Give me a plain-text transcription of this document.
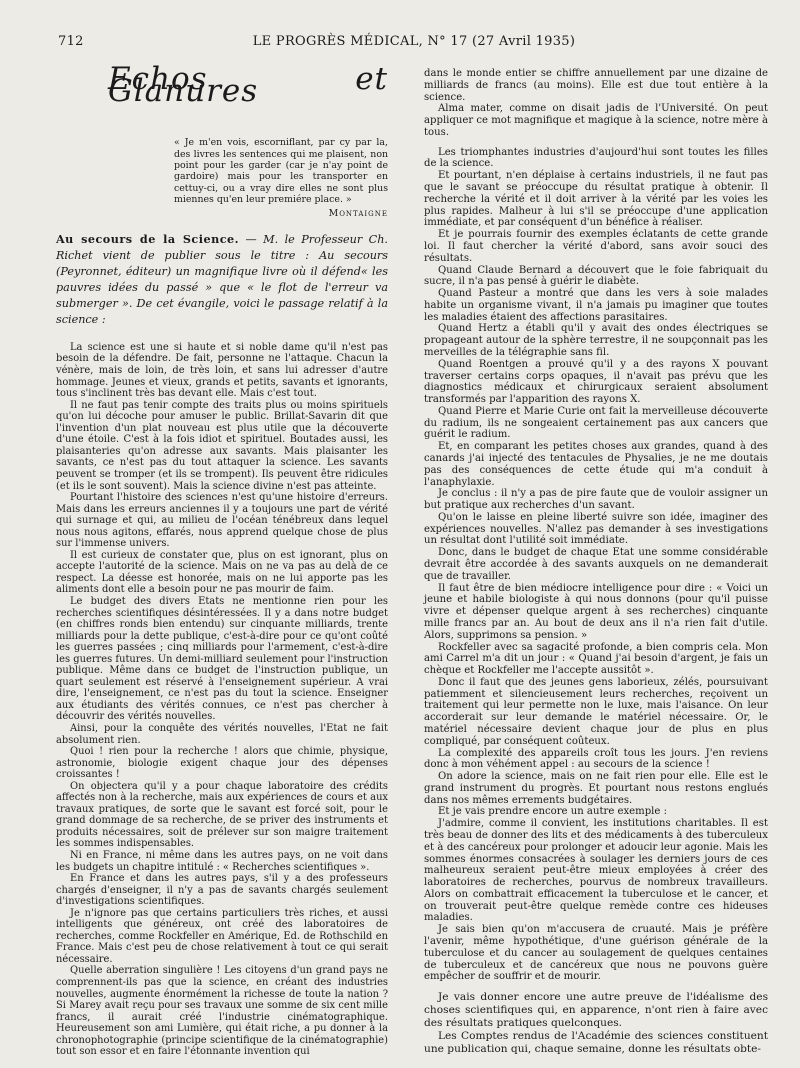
712	LE PROGRÈS MÉDICAL, N° 17 (27 Avril 1935)
Echos et Glanures
« Je m'en vois, escorniflant, par cy par la, des livres les sentences qui me plaisent, non point pour les garder (car je n'ay point de gardoire) mais pour les transporter en cettuy-ci, ou a vray dire elles ne sont plus miennes qu'en leur premiére place. »
Montaigne
Au secours de la Science. — M. le Professeur Ch. Richet vient de publier sous le titre : Au secours (Peyronnet, éditeur) un magnifique livre où il défend« les pauvres idées du passé » que « le flot de l'erreur va submerger ». De cet évangile, voici le passage relatif à la science :

La science est une si haute et si noble dame qu'il n'est pas besoin de la défendre. De fait, personne ne l'attaque. Chacun la vénère, mais de loin, de très loin, et sans lui adresser d'autre hommage. Jeunes et vieux, grands et petits, savants et ignorants, tous s'inclinent très bas devant elle. Mais c'est tout.

Il ne faut pas tenir compte des traits plus ou moins spirituels qu'on lui décoche pour amuser le public. Brillat-Savarin dit que l'invention d'un plat nouveau est plus utile que la découverte d'une étoile. C'est à la fois idiot et spirituel. Boutades aussi, les plaisanteries qu'on adresse aux savants. Mais plaisanter les savants, ce n'est pas du tout attaquer la science. Les savants peuvent se tromper (et ils se trompent). Ils peuvent être ridicules (et ils le sont souvent). Mais la science divine n'est pas atteinte.

Pourtant l'histoire des sciences n'est qu'une histoire d'erreurs. Mais dans les erreurs anciennes il y a toujours une part de vérité qui surnage et qui, au milieu de l'océan ténébreux dans lequel nous nous agitons, effarés, nous apprend quelque chose de plus sur l'immense univers.

Il est curieux de constater que, plus on est ignorant, plus on accepte l'autorité de la science. Mais on ne va pas au delà de ce respect. La déesse est honorée, mais on ne lui apporte pas les aliments dont elle a besoin pour ne pas mourir de faim.

Le budget des divers Etats ne mentionne rien pour les recherches scientifiques désintéressées. Il y a dans notre budget (en chiffres ronds bien entendu) sur cinquante milliards, trente milliards pour la dette publique, c'est-à-dire pour ce qu'ont coûté les guerres passées ; cinq milliards pour l'armement, c'est-à-dire les guerres futures. Un demi-milliard seulement pour l'instruction publique. Même dans ce budget de l'instruction publique, un quart seulement est réservé à l'enseignement supérieur. A vrai dire, l'enseignement, ce n'est pas du tout la science. Enseigner aux étudiants des vérités connues, ce n'est pas chercher à découvrir des vérités nouvelles.

Ainsi, pour la conquête des vérités nouvelles, l'Etat ne fait absolument rien.

Quoi ! rien pour la recherche ! alors que chimie, physique, astronomie, biologie exigent chaque jour des dépenses croissantes !

On objectera qu'il y a pour chaque laboratoire des crédits affectés non à la recherche, mais aux expériences de cours et aux travaux pratiques, de sorte que le savant est forcé soit, pour le grand dommage de sa recherche, de se priver des instruments et produits nécessaires, soit de prélever sur son maigre traitement les sommes indispensables.

Ni en France, ni même dans les autres pays, on ne voit dans les budgets un chapitre intitulé : « Recherches scientifiques ».

En France et dans les autres pays, s'il y a des professeurs chargés d'enseigner, il n'y a pas de savants chargés seulement d'investigations scientifiques.

Je n'ignore pas que certains particuliers très riches, et aussi intelligents que généreux, ont créé des laboratoires de recherches, comme Rockfeller en Amérique, Ed. de Rothschild en France. Mais c'est peu de chose relativement à tout ce qui serait nécessaire.

Quelle aberration singulière ! Les citoyens d'un grand pays ne comprennent-ils pas que la science, en créant des industries nouvelles, augmente énormément la richesse de toute la nation ? Si Marey avait reçu pour ses travaux une somme de six cent mille francs, il aurait créé l'industrie cinématographique. Heureusement son ami Lumière, qui était riche, a pu donner à la chronophotographie (principe scientifique de la cinématographie) tout son essor et en faire l'étonnante invention qui

dans le monde entier se chiffre annuellement par une dizaine de milliards de francs (au moins). Elle est due tout entière à la science.

Alma mater, comme on disait jadis de l'Université. On peut appliquer ce mot magnifique et magique à la science, notre mère à tous.

Les triomphantes industries d'aujourd'hui sont toutes les filles de la science.

Et pourtant, n'en déplaise à certains industriels, il ne faut pas que le savant se préoccupe du résultat pratique à obtenir. Il recherche la vérité et il doit arriver à la vérité par les voies les plus rapides. Malheur à lui s'il se préoccupe d'une application immédiate, et par conséquent d'un bénéfice à réaliser.

Et je pourrais fournir des exemples éclatants de cette grande loi. Il faut chercher la vérité d'abord, sans avoir souci des résultats.

Quand Claude Bernard a découvert que le foie fabriquait du sucre, il n'a pas pensé à guérir le diabète.

Quand Pasteur a montré que dans les vers à soie malades habite un organisme vivant, il n'a jamais pu imaginer que toutes les maladies étaient des affections parasitaires.

Quand Hertz a établi qu'il y avait des ondes électriques se propageant autour de la sphère terrestre, il ne soupçonnait pas les merveilles de la télégraphie sans fil.

Quand Roentgen a prouvé qu'il y a des rayons X pouvant traverser certains corps opaques, il n'avait pas prévu que les diagnostics médicaux et chirurgicaux seraient absolument transformés par l'apparition des rayons X.

Quand Pierre et Marie Curie ont fait la merveilleuse découverte du radium, ils ne songeaient certainement pas aux cancers que guérit le radium.

Et, en comparant les petites choses aux grandes, quand à des canards j'ai injecté des tentacules de Physalies, je ne me doutais pas des conséquences de cette étude qui m'a conduit à l'anaphylaxie.

Je conclus : il n'y a pas de pire faute que de vouloir assigner un but pratique aux recherches d'un savant.

Qu'on le laisse en pleine liberté suivre son idée, imaginer des expériences nouvelles. N'allez pas demander à ses investigations un résultat dont l'utilité soit immédiate.

Donc, dans le budget de chaque Etat une somme considérable devrait être accordée à des savants auxquels on ne demanderait que de travailler.

Il faut être de bien médiocre intelligence pour dire : « Voici un jeune et habile biologiste à qui nous donnons (pour qu'il puisse vivre et dépenser quelque argent à ses recherches) cinquante mille francs par an. Au bout de deux ans il n'a rien fait d'utile. Alors, supprimons sa pension. »

Rockfeller avec sa sagacité profonde, a bien compris cela. Mon ami Carrel m'a dit un jour : « Quand j'ai besoin d'argent, je fais un chèque et Rockfeller me l'accepte aussitôt ».

Donc il faut que des jeunes gens laborieux, zélés, poursuivant patiemment et silencieusement leurs recherches, reçoivent un traitement qui leur permette non le luxe, mais l'aisance. On leur accorderait sur leur demande le matériel nécessaire. Or, le matériel nécessaire devient chaque jour de plus en plus compliqué, par conséquent coûteux.

La complexité des appareils croît tous les jours. J'en reviens donc à mon véhément appel : au secours de la science !

On adore la science, mais on ne fait rien pour elle. Elle est le grand instrument du progrès. Et pourtant nous restons englués dans nos mêmes errements budgétaires.

Et je vais prendre encore un autre exemple :

J'admire, comme il convient, les institutions charitables. Il est très beau de donner des lits et des médicaments à des tuberculeux et à des cancéreux pour prolonger et adoucir leur agonie. Mais les sommes énormes consacrées à soulager les derniers jours de ces malheureux seraient peut-être mieux employées à créer des laboratoires de recherches, pourvus de nombreux travailleurs. Alors on combattrait efficacement la tuberculose et le cancer, et on trouverait peut-être quelque remède contre ces hideuses maladies.

Je sais bien qu'on m'accusera de cruauté. Mais je préfère l'avenir, même hypothétique, d'une guérison générale de la tuberculose et du cancer au soulagement de quelques centaines de tuberculeux et de cancéreux que nous ne pouvons guère empêcher de souffrir et de mourir.

Je vais donner encore une autre preuve de l'idéalisme des choses scientifiques qui, en apparence, n'ont rien à faire avec des résultats pratiques quelconques.

Les Comptes rendus de l'Académie des sciences constituent une publication qui, chaque semaine, donne les résultats obte-
